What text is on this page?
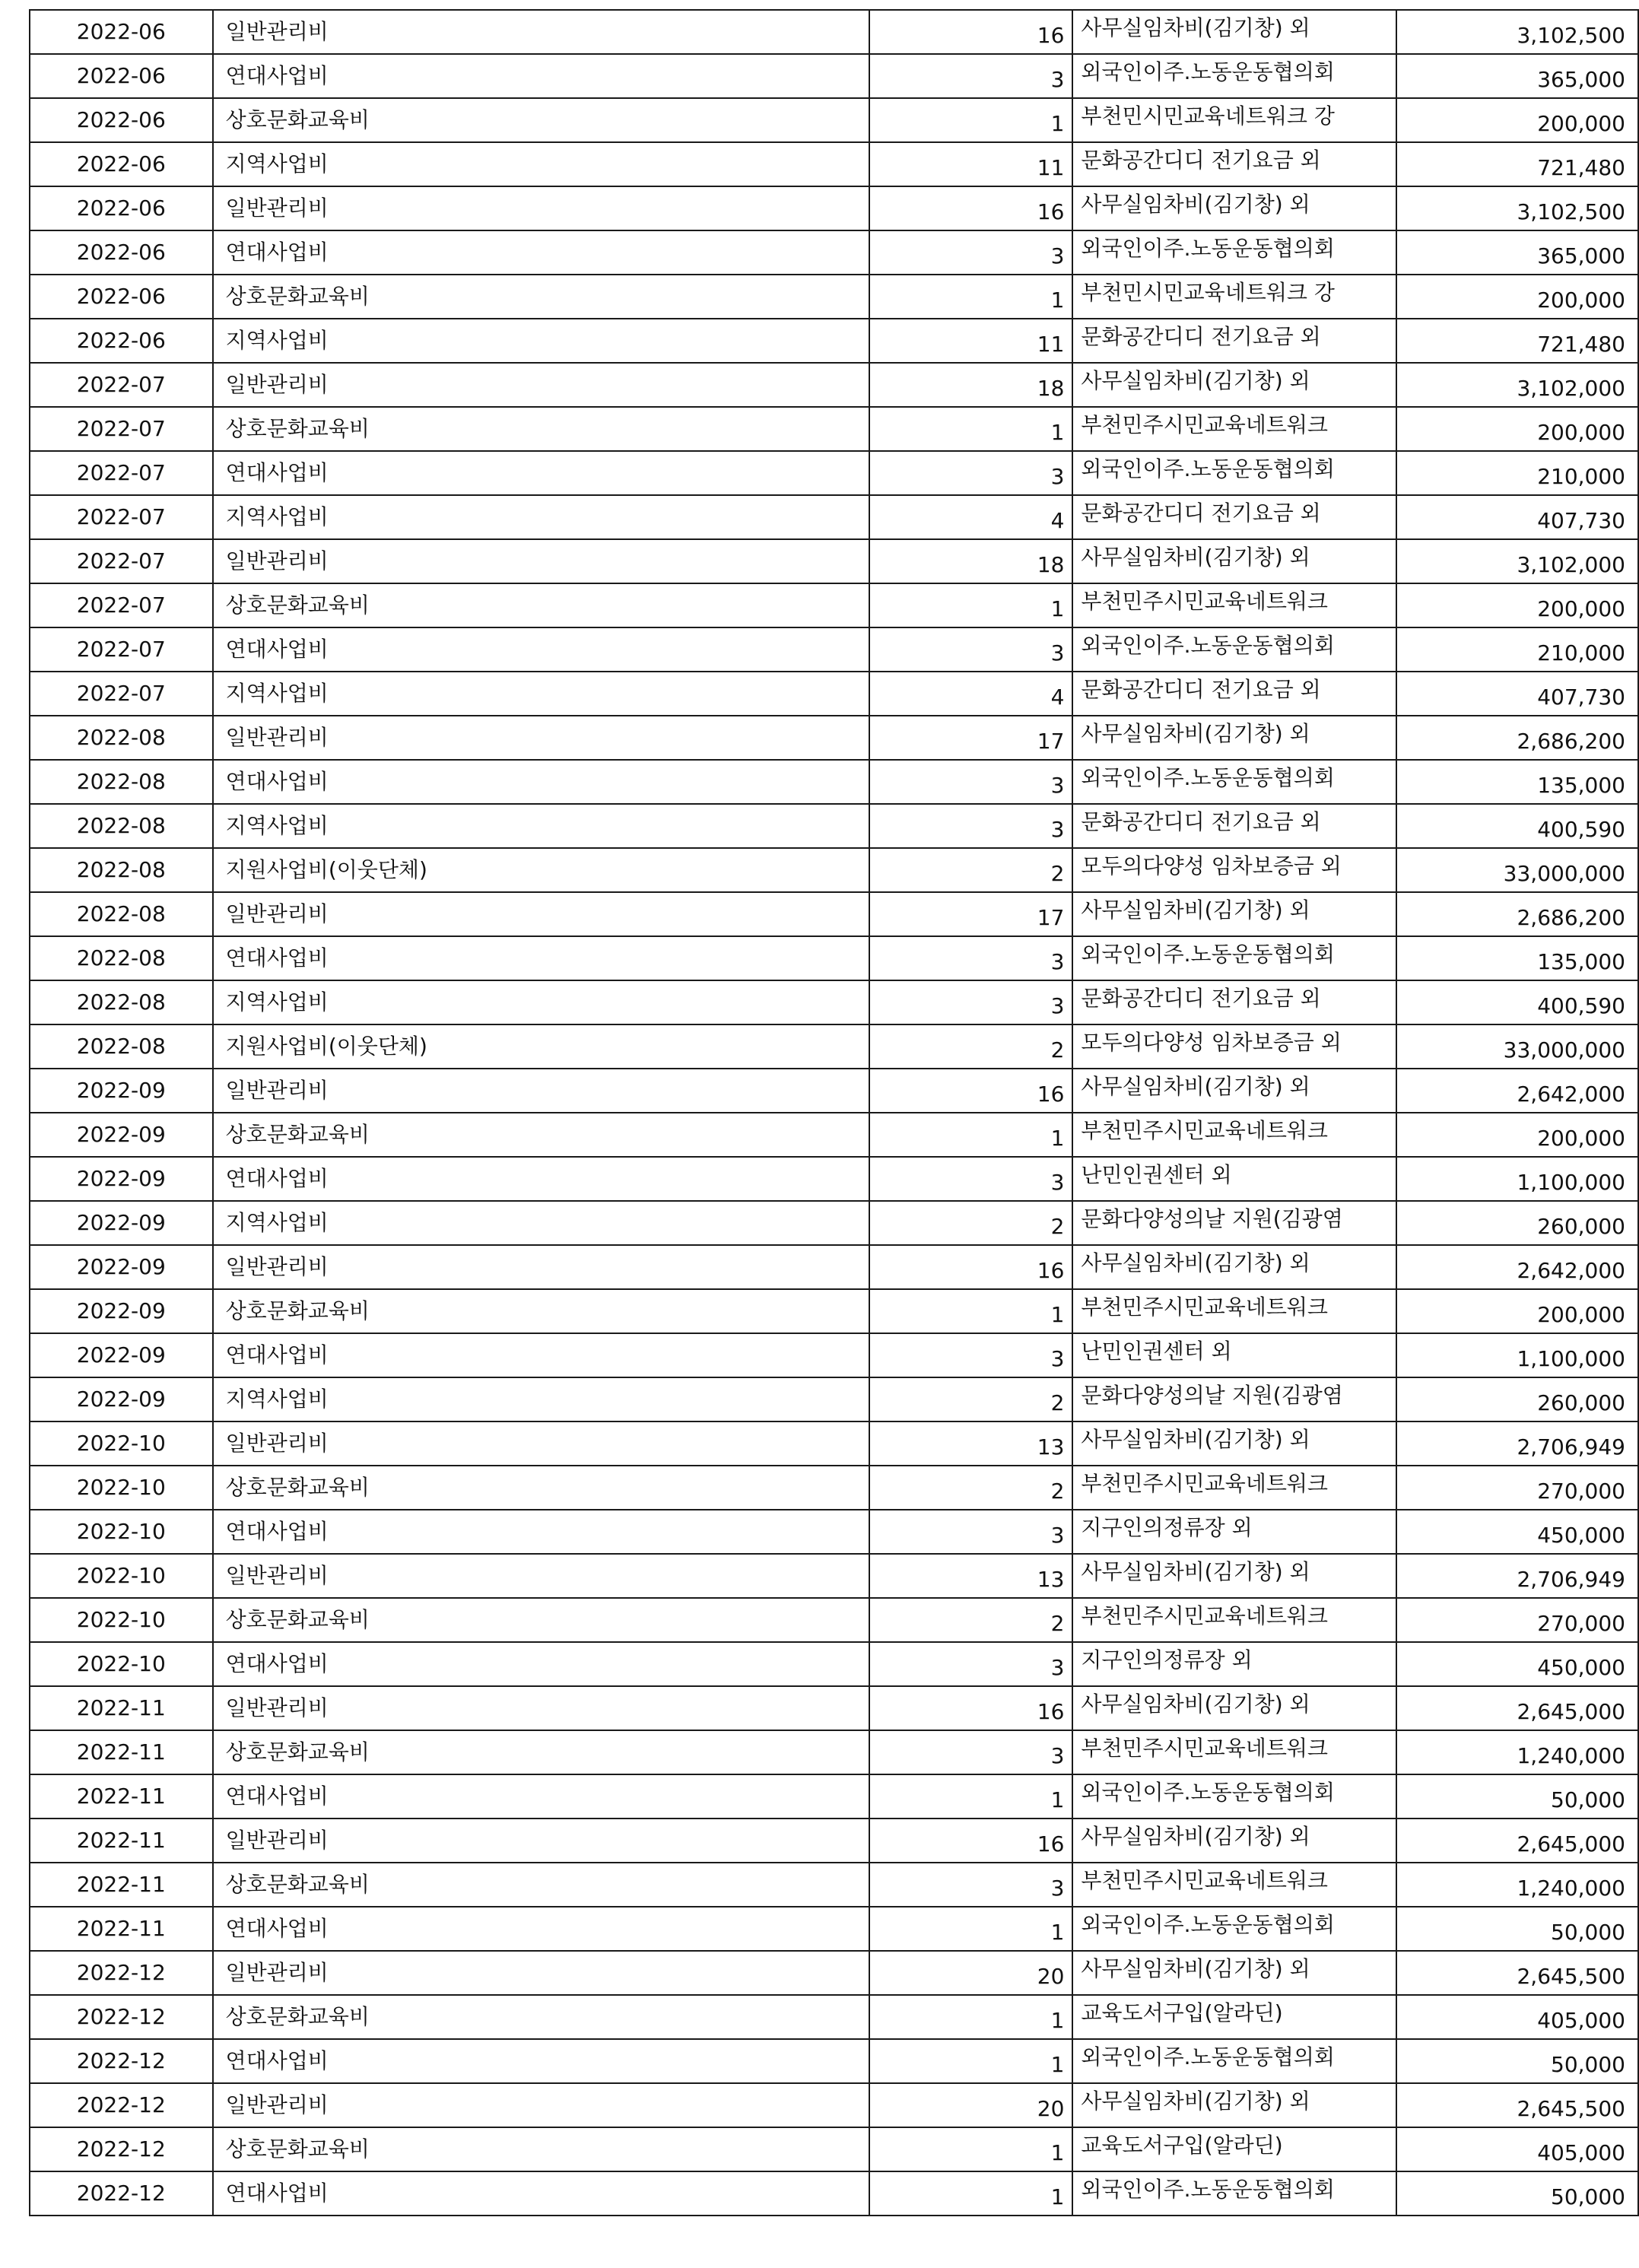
2022-06	일반관리비	16	사무실임차비(김기창) 외	3,102,500
2022-06	연대사업비	3	외국인이주.노동운동협의회	365,000
2022-06	상호문화교육비	1	부천민시민교육네트워크 강	200,000
2022-06	지역사업비	11	문화공간디디 전기요금 외	721,480
2022-06	일반관리비	16	사무실임차비(김기창) 외	3,102,500
2022-06	연대사업비	3	외국인이주.노동운동협의회	365,000
2022-06	상호문화교육비	1	부천민시민교육네트워크 강	200,000
2022-06	지역사업비	11	문화공간디디 전기요금 외	721,480
2022-07	일반관리비	18	사무실임차비(김기창) 외	3,102,000
2022-07	상호문화교육비	1	부천민주시민교육네트워크	200,000
2022-07	연대사업비	3	외국인이주.노동운동협의회	210,000
2022-07	지역사업비	4	문화공간디디 전기요금 외	407,730
2022-07	일반관리비	18	사무실임차비(김기창) 외	3,102,000
2022-07	상호문화교육비	1	부천민주시민교육네트워크	200,000
2022-07	연대사업비	3	외국인이주.노동운동협의회	210,000
2022-07	지역사업비	4	문화공간디디 전기요금 외	407,730
2022-08	일반관리비	17	사무실임차비(김기창) 외	2,686,200
2022-08	연대사업비	3	외국인이주.노동운동협의회	135,000
2022-08	지역사업비	3	문화공간디디 전기요금 외	400,590
2022-08	지원사업비(이웃단체)	2	모두의다양성 임차보증금 외	33,000,000
2022-08	일반관리비	17	사무실임차비(김기창) 외	2,686,200
2022-08	연대사업비	3	외국인이주.노동운동협의회	135,000
2022-08	지역사업비	3	문화공간디디 전기요금 외	400,590
2022-08	지원사업비(이웃단체)	2	모두의다양성 임차보증금 외	33,000,000
2022-09	일반관리비	16	사무실임차비(김기창) 외	2,642,000
2022-09	상호문화교육비	1	부천민주시민교육네트워크	200,000
2022-09	연대사업비	3	난민인권센터 외	1,100,000
2022-09	지역사업비	2	문화다양성의날 지원(김광염	260,000
2022-09	일반관리비	16	사무실임차비(김기창) 외	2,642,000
2022-09	상호문화교육비	1	부천민주시민교육네트워크	200,000
2022-09	연대사업비	3	난민인권센터 외	1,100,000
2022-09	지역사업비	2	문화다양성의날 지원(김광염	260,000
2022-10	일반관리비	13	사무실임차비(김기창) 외	2,706,949
2022-10	상호문화교육비	2	부천민주시민교육네트워크	270,000
2022-10	연대사업비	3	지구인의정류장 외	450,000
2022-10	일반관리비	13	사무실임차비(김기창) 외	2,706,949
2022-10	상호문화교육비	2	부천민주시민교육네트워크	270,000
2022-10	연대사업비	3	지구인의정류장 외	450,000
2022-11	일반관리비	16	사무실임차비(김기창) 외	2,645,000
2022-11	상호문화교육비	3	부천민주시민교육네트워크	1,240,000
2022-11	연대사업비	1	외국인이주.노동운동협의회	50,000
2022-11	일반관리비	16	사무실임차비(김기창) 외	2,645,000
2022-11	상호문화교육비	3	부천민주시민교육네트워크	1,240,000
2022-11	연대사업비	1	외국인이주.노동운동협의회	50,000
2022-12	일반관리비	20	사무실임차비(김기창) 외	2,645,500
2022-12	상호문화교육비	1	교육도서구입(알라딘)	405,000
2022-12	연대사업비	1	외국인이주.노동운동협의회	50,000
2022-12	일반관리비	20	사무실임차비(김기창) 외	2,645,500
2022-12	상호문화교육비	1	교육도서구입(알라딘)	405,000
2022-12	연대사업비	1	외국인이주.노동운동협의회	50,000
